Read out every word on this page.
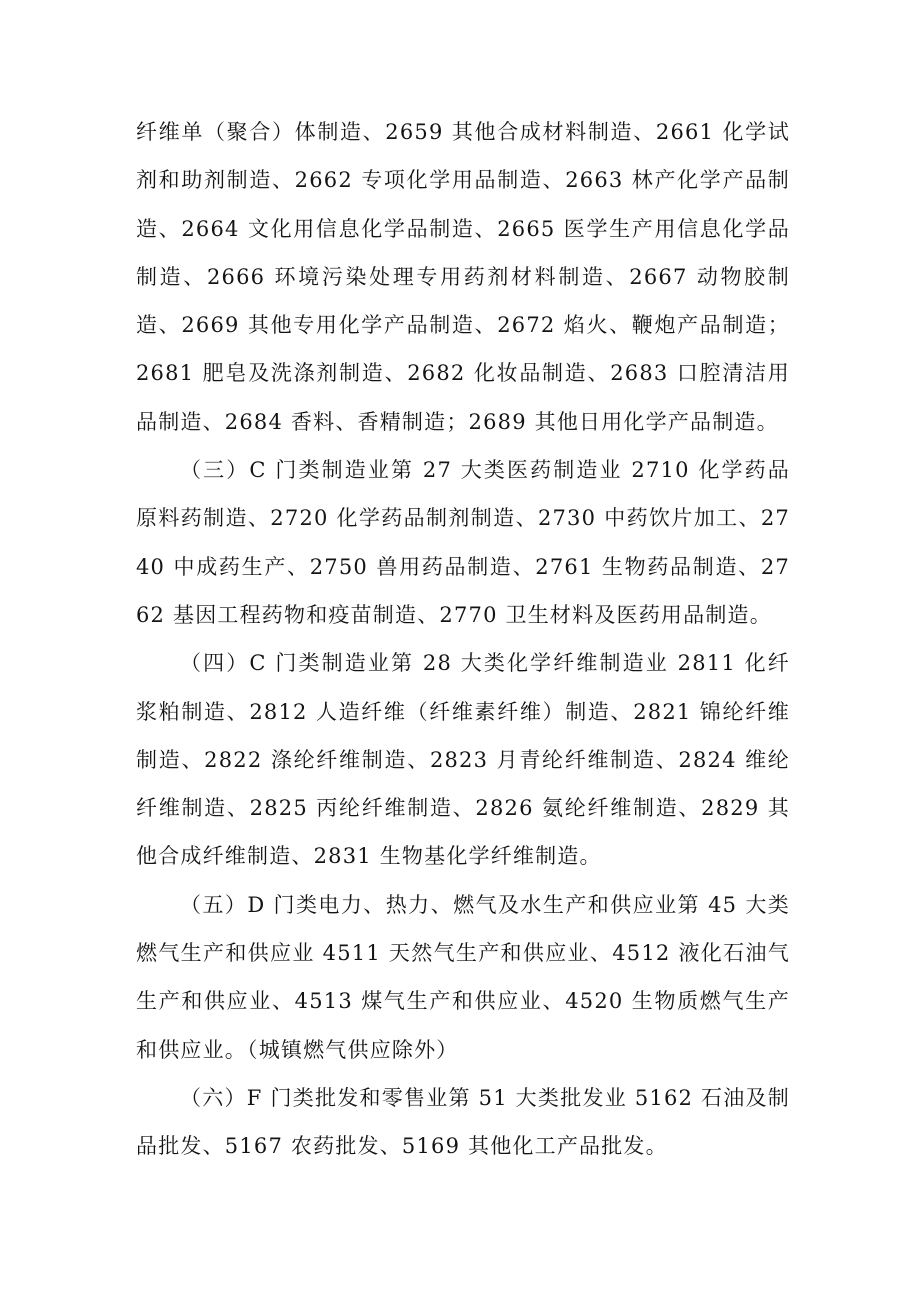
纤维单（聚合）体制造、2659 其他合成材料制造、2661 化学试剂和助剂制造、2662 专项化学用品制造、2663 林产化学产品制造、2664 文化用信息化学品制造、2665 医学生产用信息化学品制造、2666 环境污染处理专用药剂材料制造、2667 动物胶制造、2669 其他专用化学产品制造、2672 焰火、鞭炮产品制造；2681 肥皂及洗涤剂制造、2682 化妆品制造、2683 口腔清洁用品制造、2684 香料、香精制造；2689 其他日用化学产品制造。

（三）C 门类制造业第 27 大类医药制造业 2710 化学药品原料药制造、2720 化学药品制剂制造、2730 中药饮片加工、2740 中成药生产、2750 兽用药品制造、2761 生物药品制造、2762 基因工程药物和疫苗制造、2770 卫生材料及医药用品制造。

（四）C 门类制造业第 28 大类化学纤维制造业 2811 化纤浆粕制造、2812 人造纤维（纤维素纤维）制造、2821 锦纶纤维制造、2822 涤纶纤维制造、2823 月青纶纤维制造、2824 维纶纤维制造、2825 丙纶纤维制造、2826 氨纶纤维制造、2829 其他合成纤维制造、2831 生物基化学纤维制造。

（五）D 门类电力、热力、燃气及水生产和供应业第 45 大类燃气生产和供应业 4511 天然气生产和供应业、4512 液化石油气生产和供应业、4513 煤气生产和供应业、4520 生物质燃气生产和供应业。（城镇燃气供应除外）

（六）F 门类批发和零售业第 51 大类批发业 5162 石油及制品批发、5167 农药批发、5169 其他化工产品批发。
